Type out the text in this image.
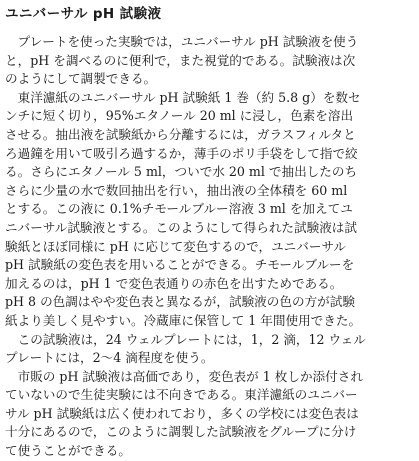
ユニバーサル pH 試験液

プレートを使った実験では，ユニバーサル pH 試験液を使う
と，pH を調べるのに便利で，また視覚的である。試験液は次
のようにして調製できる。

東洋濾紙のユニバーサル pH 試験紙 1 巻（約 5.8 g）を数セ
ンチに短く切り，95%エタノール 20 ml に浸し，色素を溶出
させる。抽出液を試験紙から分離するには，ガラスフィルタと
ろ過鐘を用いて吸引ろ過するか，薄手のポリ手袋をして指で絞
る。さらにエタノール 5 ml，ついで水 20 ml で抽出したのち
さらに少量の水で数回抽出を行い，抽出液の全体積を 60 ml
とする。この液に 0.1%チモールブルー溶液 3 ml を加えてユ
ニバーサル試験液とする。このようにして得られた試験液は試
験紙とほぼ同様に pH に応じて変色するので，ユニバーサル
pH 試験紙の変色表を用いることができる。チモールブルーを
加えるのは，pH 1 で変色表通りの赤色を出すためである。
pH 8 の色調はやや変色表と異なるが，試験液の色の方が試験
紙より美しく見やすい。冷蔵庫に保管して 1 年間使用できた。

この試験液は，24 ウェルプレートには，1，2 滴，12 ウェル
プレートには，2～4 滴程度を使う。

市販の pH 試験液は高価であり，変色表が 1 枚しか添付され
ていないので生徒実験には不向きである。東洋濾紙のユニバー
サル pH 試験紙は広く使われており，多くの学校には変色表は
十分にあるので，このように調製した試験液をグループに分け
て使うことができる。
